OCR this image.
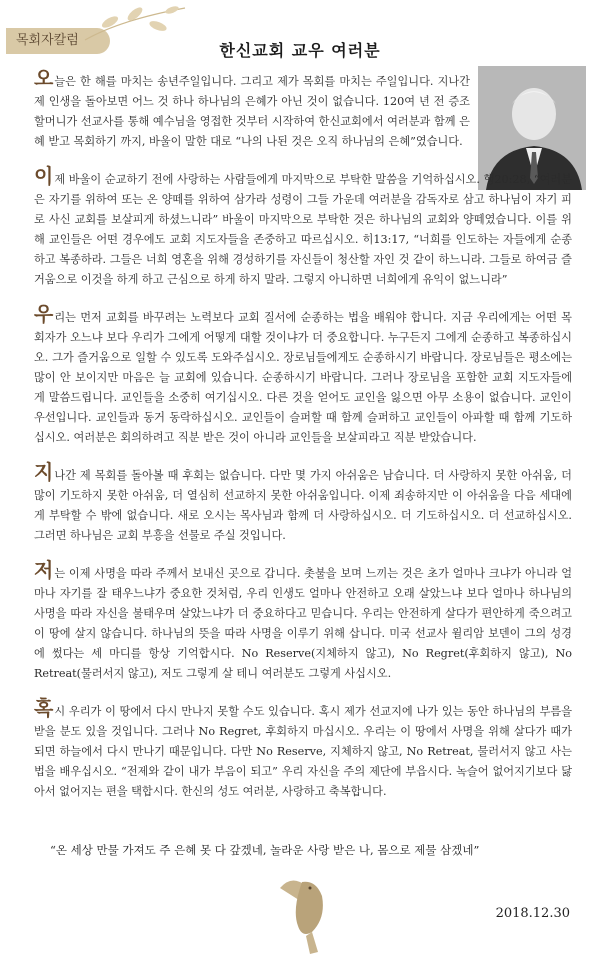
목회자칼럼
한신교회 교우 여러분

오늘은 한 해를 마치는 송년주일입니다. 그리고 제가 목회를 마치는 주일입니다. 지나간 제 인생을 돌아보면 어느 것 하나 하나님의 은혜가 아닌 것이 없습니다. 120여 년 전 증조할머니가 선교사를 통해 예수님을 영접한 것부터 시작하여 한신교회에서 여러분과 함께 은혜 받고 목회하기 까지, 바울이 말한 대로 “나의 나된 것은 오직 하나님의 은혜”였습니다.

이제 바울이 순교하기 전에 사랑하는 사람들에게 마지막으로 부탁한 말씀을 기억하십시오. 행20:28, “여러분은 자기를 위하여 또는 온 양떼를 위하여 삼가라 성령이 그들 가운데 여러분을 감독자로 삼고 하나님이 자기 피로 사신 교회를 보살피게 하셨느니라” 바울이 마지막으로 부탁한 것은 하나님의 교회와 양떼였습니다. 이를 위해 교인들은 어떤 경우에도 교회 지도자들을 존중하고 따르십시오. 히13:17, “너희를 인도하는 자들에게 순종하고 복종하라. 그들은 너희 영혼을 위해 경성하기를 자신들이 청산할 자인 것 같이 하느니라. 그들로 하여금 즐거움으로 이것을 하게 하고 근심으로 하게 하지 말라. 그렇지 아니하면 너희에게 유익이 없느니라”

우리는 먼저 교회를 바꾸려는 노력보다 교회 질서에 순종하는 법을 배워야 합니다. 지금 우리에게는 어떤 목회자가 오느냐 보다 우리가 그에게 어떻게 대할 것이냐가 더 중요합니다. 누구든지 그에게 순종하고 복종하십시오. 그가 즐거움으로 일할 수 있도록 도와주십시오. 장로님들에게도 순종하시기 바랍니다. 장로님들은 평소에는 많이 안 보이지만 마음은 늘 교회에 있습니다. 순종하시기 바랍니다. 그러나 장로님을 포함한 교회 지도자들에게 말씀드립니다. 교인들을 소중히 여기십시오. 다른 것을 얻어도 교인을 잃으면 아무 소용이 없습니다. 교인이 우선입니다. 교인들과 동거 동락하십시오. 교인들이 슬퍼할 때 함께 슬퍼하고 교인들이 아파할 때 함께 기도하십시오. 여러분은 회의하려고 직분 받은 것이 아니라 교인들을 보살피라고 직분 받았습니다.

지나간 제 목회를 돌아볼 때 후회는 없습니다. 다만 몇 가지 아쉬움은 남습니다. 더 사랑하지 못한 아쉬움, 더 많이 기도하지 못한 아쉬움, 더 열심히 선교하지 못한 아쉬움입니다. 이제 죄송하지만 이 아쉬움을 다음 세대에게 부탁할 수 밖에 없습니다. 새로 오시는 목사님과 함께 더 사랑하십시오. 더 기도하십시오. 더 선교하십시오. 그러면 하나님은 교회 부흥을 선물로 주실 것입니다.

저는 이제 사명을 따라 주께서 보내신 곳으로 갑니다. 촛불을 보며 느끼는 것은 초가 얼마나 크냐가 아니라 얼마나 자기를 잘 태우느냐가 중요한 것처럼, 우리 인생도 얼마나 안전하고 오래 살았느냐 보다 얼마나 하나님의 사명을 따라 자신을 불태우며 살았느냐가 더 중요하다고 믿습니다. 우리는 안전하게 살다가 편안하게 죽으려고 이 땅에 살지 않습니다. 하나님의 뜻을 따라 사명을 이루기 위해 삽니다. 미국 선교사 윌리암 보덴이 그의 성경에 썼다는 세 마디를 항상 기억합시다. No Reserve(지체하지 않고), No Regret(후회하지 않고), No Retreat(물러서지 않고), 저도 그렇게 살 테니 여러분도 그렇게 사십시오.

혹시 우리가 이 땅에서 다시 만나지 못할 수도 있습니다. 혹시 제가 선교지에 나가 있는 동안 하나님의 부름을 받을 분도 있을 것입니다. 그러나 No Regret, 후회하지 마십시오. 우리는 이 땅에서 사명을 위해 살다가 때가 되면 하늘에서 다시 만나기 때문입니다. 다만 No Reserve, 지체하지 않고, No Retreat, 물러서지 않고 사는 법을 배우십시오. “전제와 같이 내가 부음이 되고” 우리 자신을 주의 제단에 부읍시다. 녹슬어 없어지기보다 닳아서 없어지는 편을 택합시다. 한신의 성도 여러분, 사랑하고 축복합니다.

“온 세상 만물 가져도 주 은혜 못 다 갚겠네, 놀라운 사랑 받은 나, 몸으로 제물 삼겠네”
2018.12.30
